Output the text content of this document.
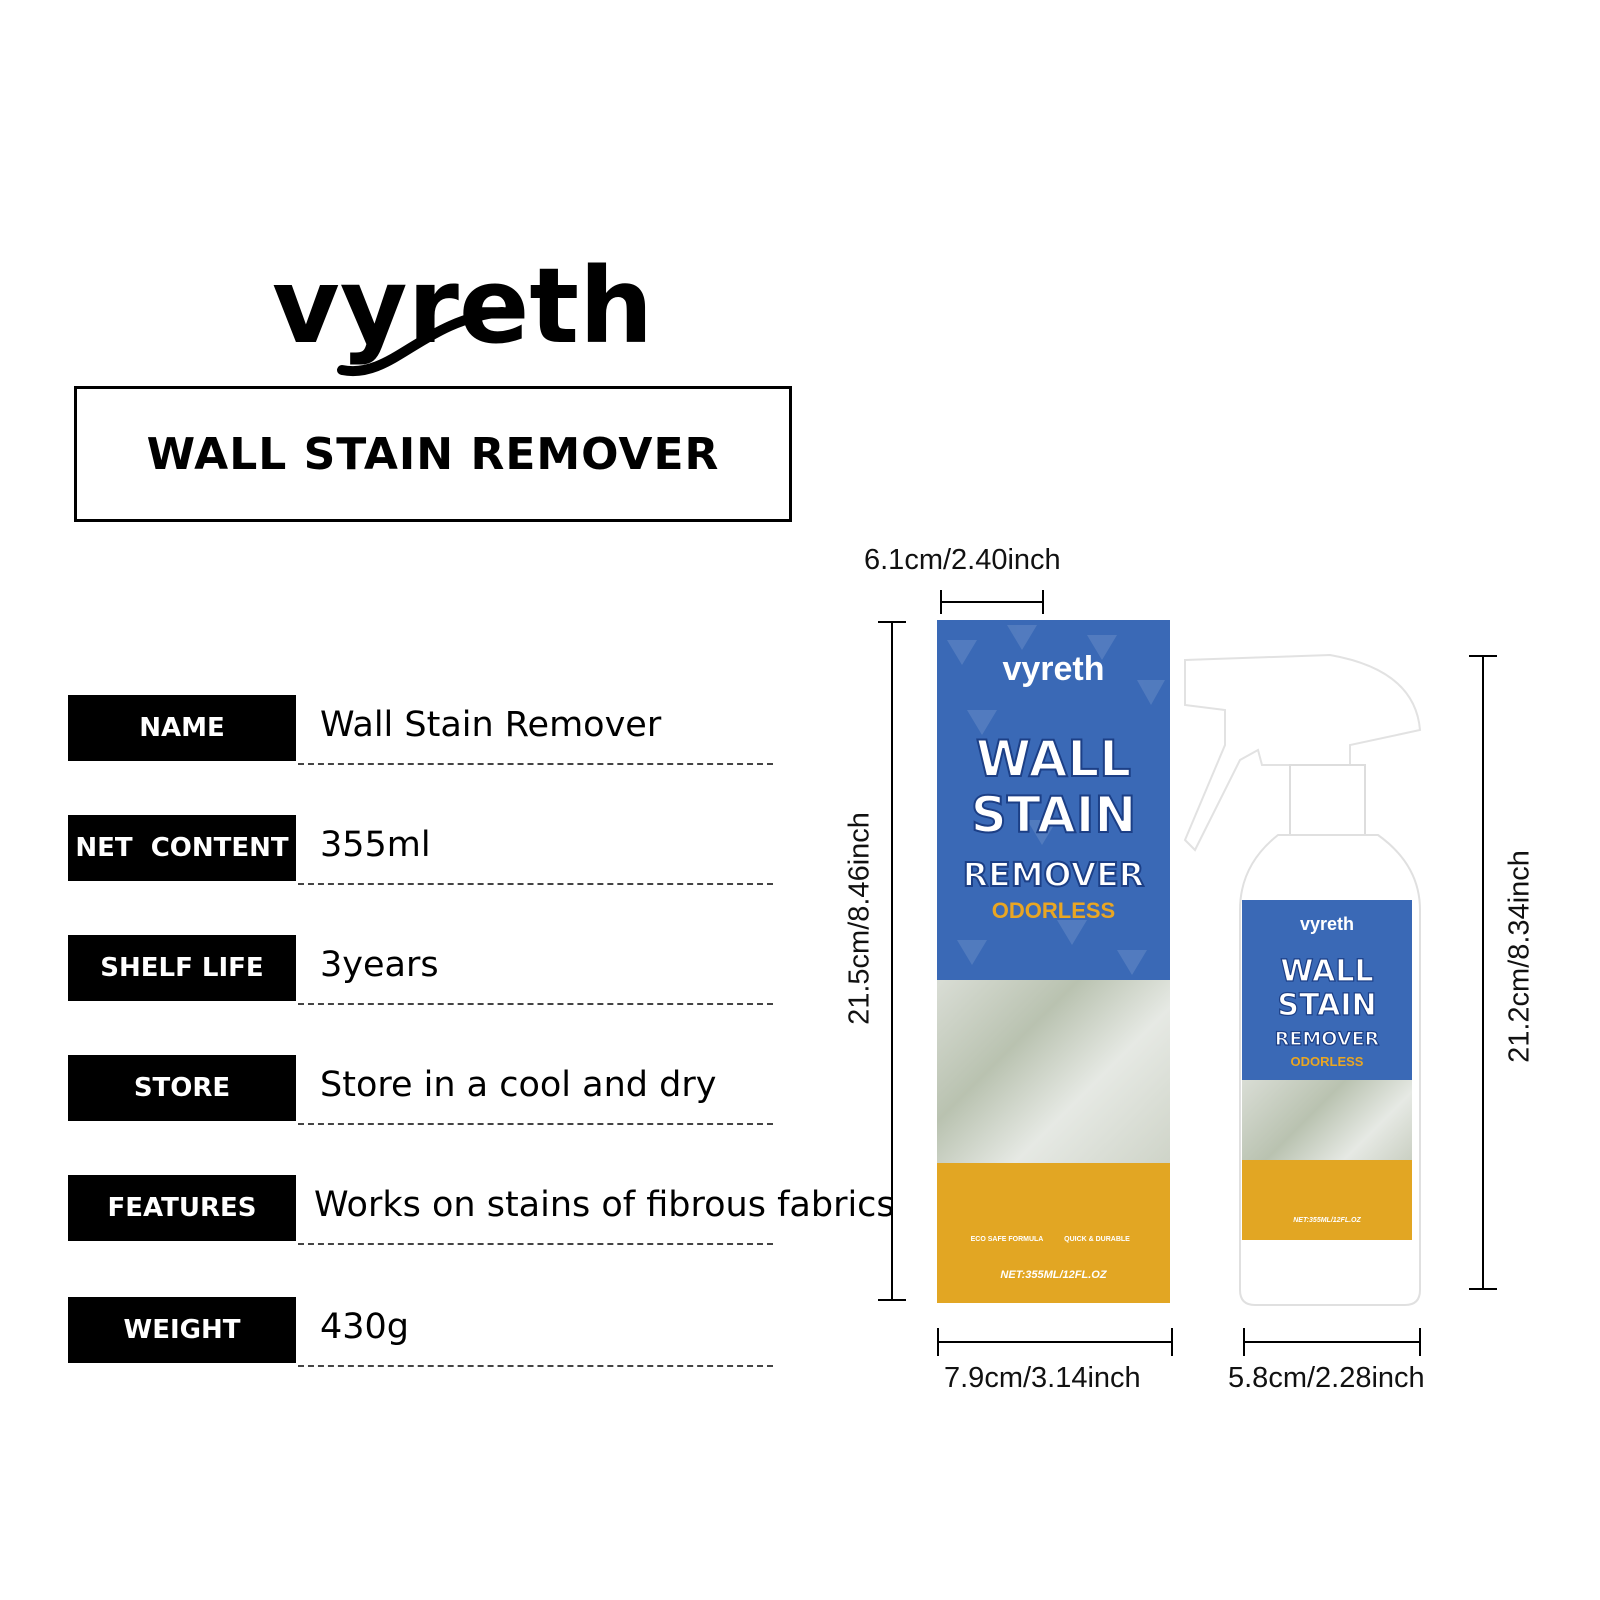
vyreth
WALL STAIN REMOVER
NAME	Wall Stain Remover
NET  CONTENT 355ml
SHELF LIFE	3years
STORE	Store in a cool and dry
FEATURES	Works on stains of fibrous fabrics
WEIGHT	430g
vyreth
WALL
STAIN
REMOVER
ODORLESS
ECO SAFE FORMULA	QUICK & DURABLE
NET:355ML/12FL.OZ
vyreth
WALL
STAIN
REMOVER
ODORLESS
NET:355ML/12FL.OZ
6.1cm/2.40inch
7.9cm/3.14inch	5.8cm/2.28inch
21.5cm/8.46inch	21.2cm/8.34inch
